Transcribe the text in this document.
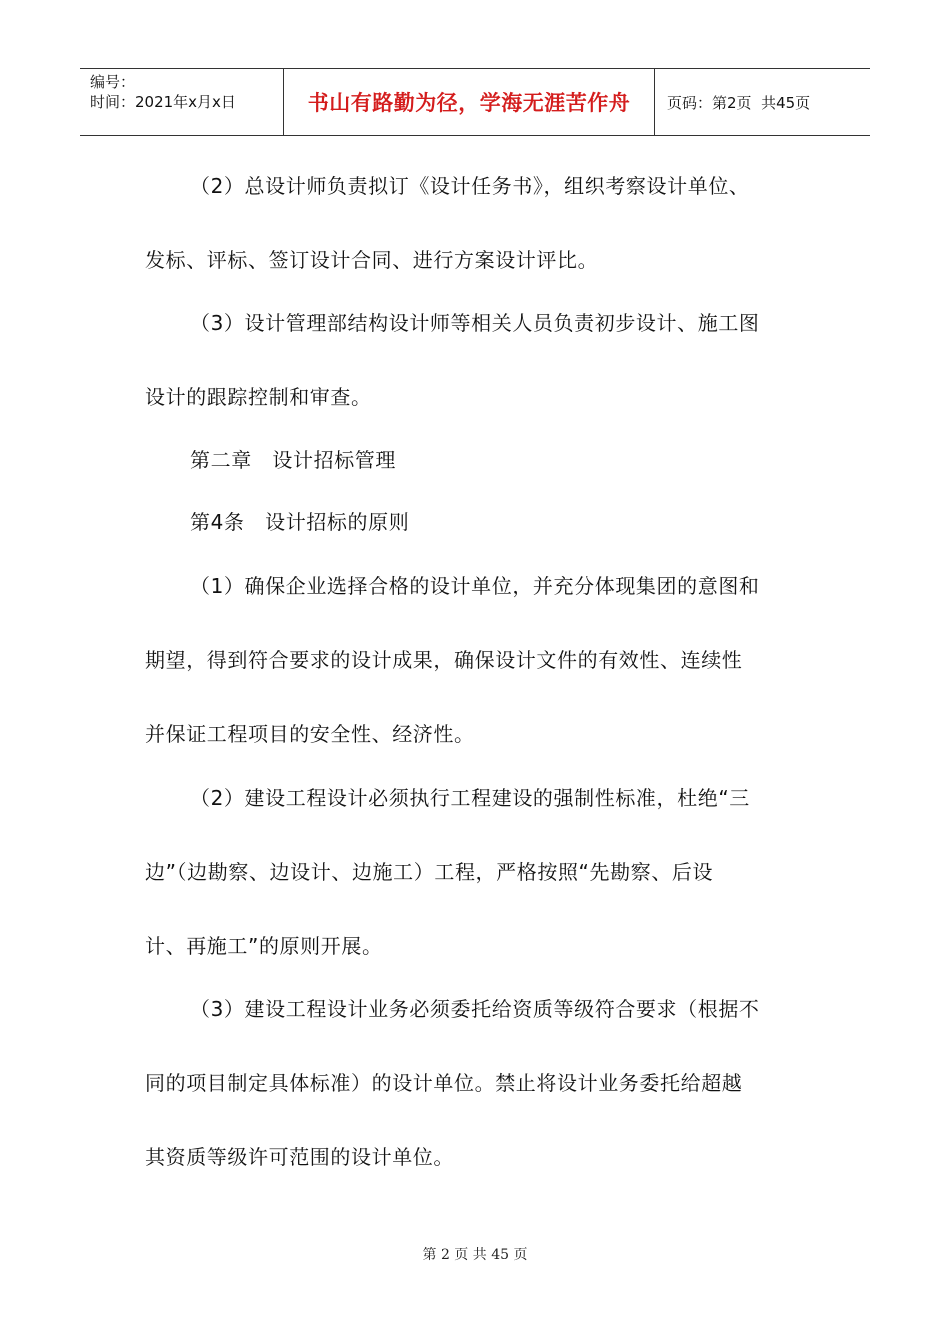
编号：
时间：2021年x月x日	书山有路勤为径，学海无涯苦作舟 页码：第2页  共45页
（2）总设计师负责拟订《设计任务书》，组织考察设计单位、
发标、评标、签订设计合同、进行方案设计评比。
（3）设计管理部结构设计师等相关人员负责初步设计、施工图
设计的跟踪控制和审查。
第二章　设计招标管理
第4条　设计招标的原则
（1）确保企业选择合格的设计单位，并充分体现集团的意图和
期望，得到符合要求的设计成果，确保设计文件的有效性、连续性
并保证工程项目的安全性、经济性。
（2）建设工程设计必须执行工程建设的强制性标准，杜绝“三
边”（边勘察、边设计、边施工）工程，严格按照“先勘察、后设
计、再施工”的原则开展。
（3）建设工程设计业务必须委托给资质等级符合要求（根据不
同的项目制定具体标准）的设计单位。禁止将设计业务委托给超越
其资质等级许可范围的设计单位。
第 2 页 共 45 页
